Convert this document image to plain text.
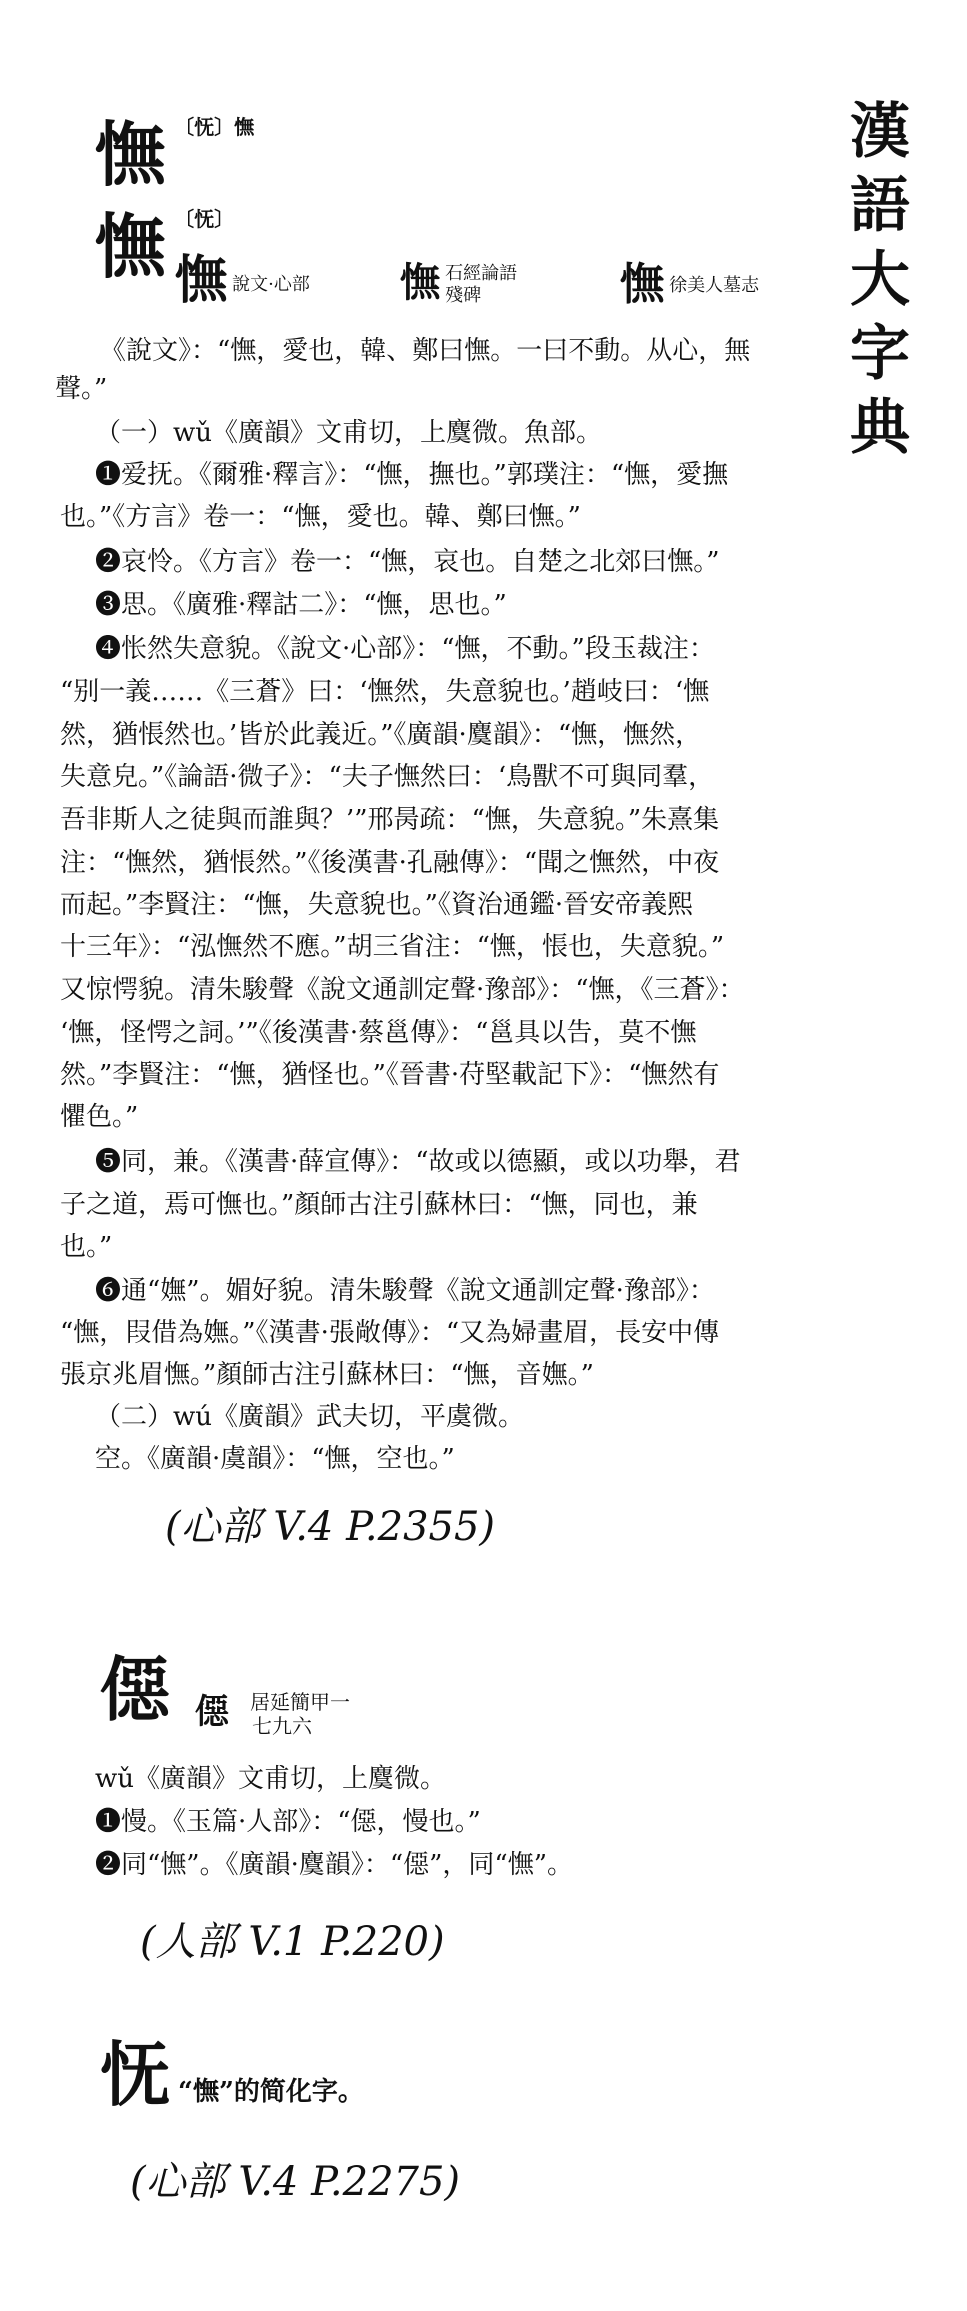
漢
語
大
字
典
憮 〔怃〕憮
憮 〔怃〕
憮 說文·心部 憮 石經論語殘碑	憮 徐美人墓志
《說文》：“憮，愛也，韓、鄭曰憮。一曰不動。从心，無
聲。”
（一）wǔ《廣韻》文甫切，上麌微。魚部。
❶爱抚。《爾雅·釋言》：“憮，撫也。”郭璞注：“憮，愛撫
也。”《方言》卷一：“憮，愛也。韓、鄭曰憮。”
❷哀怜。《方言》卷一：“憮，哀也。自楚之北郊曰憮。”
❸思。《廣雅·釋詁二》：“憮，思也。”
❹怅然失意貌。《說文·心部》：“憮，不動。”段玉裁注：
“别一義……《三蒼》曰：‘憮然，失意貌也。’趙岐曰：‘憮
然，猶悵然也。’皆於此義近。”《廣韻·麌韻》：“憮，憮然，
失意皃。”《論語·微子》：“夫子憮然曰：‘鳥獸不可與同羣，
吾非斯人之徒與而誰與？’”邢昺疏：“憮，失意貌。”朱熹集
注：“憮然，猶悵然。”《後漢書·孔融傳》：“聞之憮然，中夜
而起。”李賢注：“憮，失意貌也。”《資治通鑑·晉安帝義熙
十三年》：“泓憮然不應。”胡三省注：“憮，悵也，失意貌。”
又惊愕貌。清朱駿聲《說文通訓定聲·豫部》：“憮，《三蒼》：
‘憮，怪愕之詞。’”《後漢書·蔡邕傳》：“邕具以告，莫不憮
然。”李賢注：“憮，猶怪也。”《晉書·苻堅載記下》：“憮然有
懼色。”
❺同，兼。《漢書·薛宣傳》：“故或以德顯，或以功舉，君
子之道，焉可憮也。”顏師古注引蘇林曰：“憮，同也，兼
也。”
❻通“嫵”。媚好貌。清朱駿聲《說文通訓定聲·豫部》：
“憮，叚借為嫵。”《漢書·張敞傳》：“又為婦畫眉，長安中傳
張京兆眉憮。”顏師古注引蘇林曰：“憮，音嫵。”
（二）wú《廣韻》武夫切，平虞微。
空。《廣韻·虞韻》：“憮，空也。”
(心部 V.4 P.2355)
僫 僫 居延簡甲一
七九六
wǔ《廣韻》文甫切，上麌微。
❶慢。《玉篇·人部》：“僫，慢也。”
❷同“憮”。《廣韻·麌韻》：“僫”，同“憮”。
(人部 V.1 P.220)
怃 “憮”的简化字。
(心部 V.4 P.2275)
